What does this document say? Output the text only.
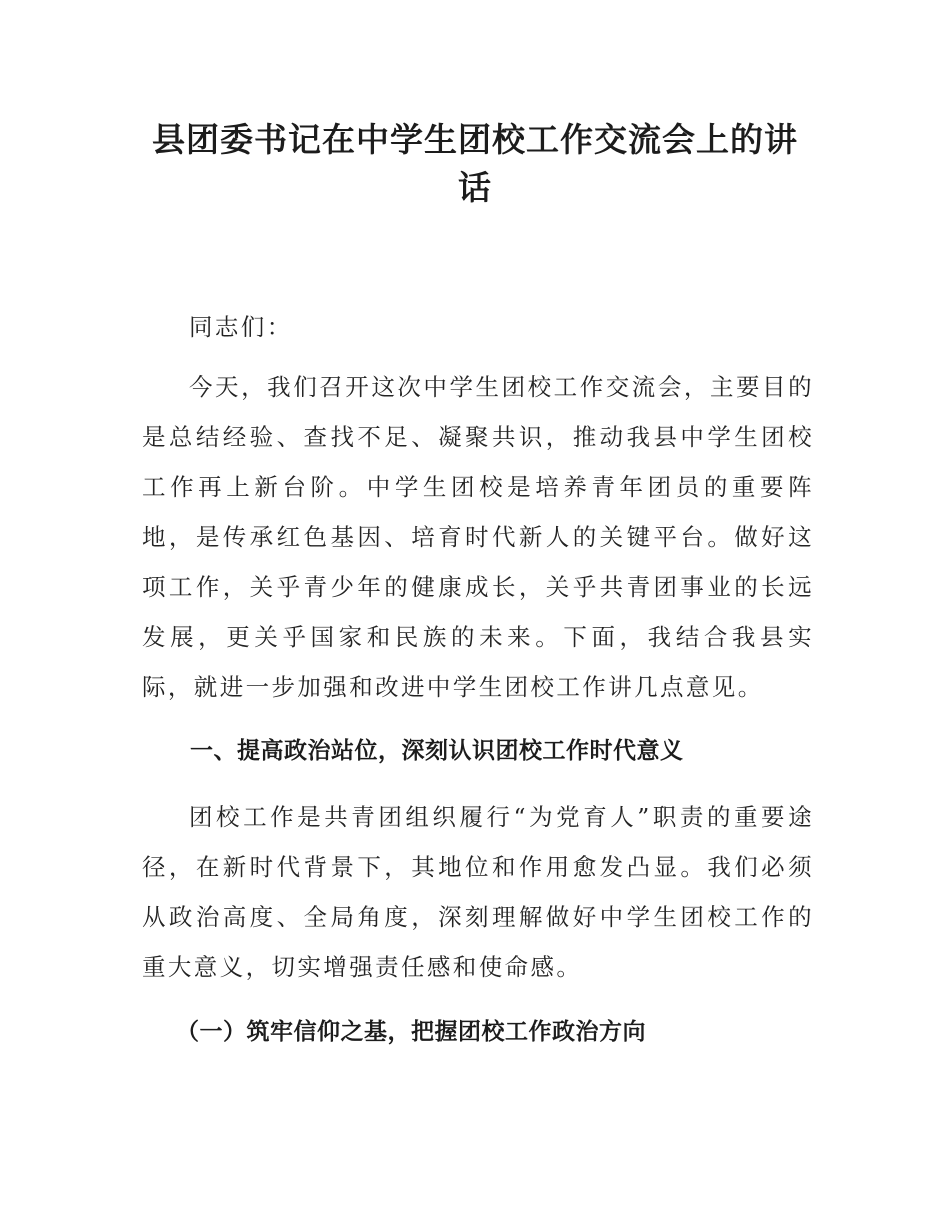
县团委书记在中学生团校工作交流会上的讲话

同志们：

今天，我们召开这次中学生团校工作交流会，主要目的是总结经验、查找不足、凝聚共识，推动我县中学生团校工作再上新台阶。中学生团校是培养青年团员的重要阵地，是传承红色基因、培育时代新人的关键平台。做好这项工作，关乎青少年的健康成长，关乎共青团事业的长远发展，更关乎国家和民族的未来。下面，我结合我县实际，就进一步加强和改进中学生团校工作讲几点意见。

一、提高政治站位，深刻认识团校工作时代意义

团校工作是共青团组织履行“为党育人”职责的重要途径，在新时代背景下，其地位和作用愈发凸显。我们必须从政治高度、全局角度，深刻理解做好中学生团校工作的重大意义，切实增强责任感和使命感。

（一）筑牢信仰之基，把握团校工作政治方向
